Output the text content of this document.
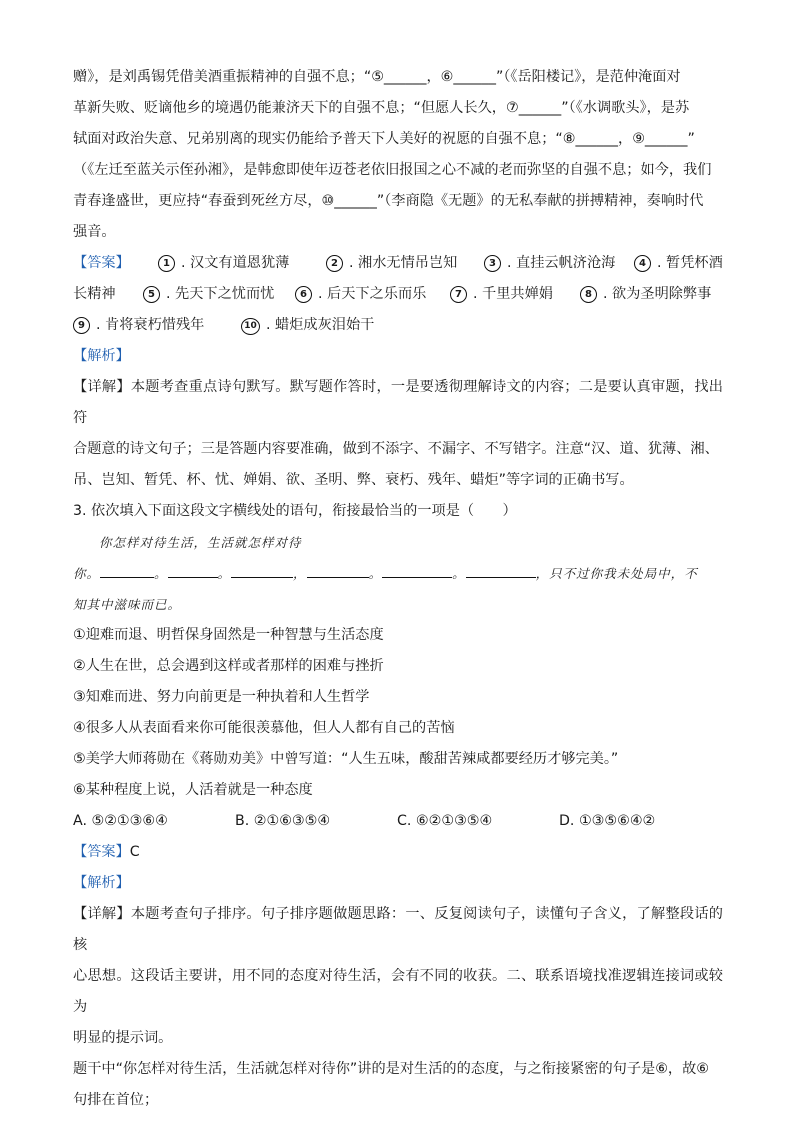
赠》，是刘禹锡凭借美酒重振精神的自强不息；“⑤______，⑥______”（《岳阳楼记》，是范仲淹面对

革新失败、贬谪他乡的境遇仍能兼济天下的自强不息；“但愿人长久，⑦______”（《水调歌头》，是苏

轼面对政治失意、兄弟别离的现实仍能给予普天下人美好的祝愿的自强不息；“⑧______，⑨______”

（《左迁至蓝关示侄孙湘》，是韩愈即使年迈苍老依旧报国之心不减的老而弥坚的自强不息；如今，我们

青春逢盛世，更应持“春蚕到死丝方尽，⑩______”（李商隐《无题》的无私奉献的拼搏精神，奏响时代

强音。

【答案】	1 . 汉文有道恩犹薄	2 . 湘水无情吊岂知	3 . 直挂云帆济沧海	4 . 暂凭杯酒
长精神	5 . 先天下之忧而忧	6 . 后天下之乐而乐	7 . 千里共婵娟	8 . 欲为圣明除弊事
9 . 肯将衰朽惜残年	10 . 蜡炬成灰泪始干

【解析】

【详解】本题考查重点诗句默写。默写题作答时，一是要透彻理解诗文的内容；二是要认真审题，找出符

合题意的诗文句子；三是答题内容要准确，做到不添字、不漏字、不写错字。注意“汉、道、犹薄、湘、

吊、岂知、暂凭、杯、忧、婵娟、欲、圣明、弊、衰朽、残年、蜡炬”等字词的正确书写。

3. 依次填入下面这段文字横线处的语句，衔接最恰当的一项是（　　）

你怎样对待生活，生活就怎样对待

你。	。	。	，	。	。	，只不过你我未处局中，不

知其中滋味而已。

①迎难而退、明哲保身固然是一种智慧与生活态度

②人生在世，总会遇到这样或者那样的困难与挫折

③知难而进、努力向前更是一种执着和人生哲学

④很多人从表面看来你可能很羡慕他，但人人都有自己的苦恼

⑤美学大师蒋勋在《蒋勋劝美》中曾写道：“人生五味，酸甜苦辣咸都要经历才够完美。”

⑥某种程度上说，人活着就是一种态度

A. ⑤②①③⑥④	B. ②①⑥③⑤④	C. ⑥②①③⑤④	D. ①③⑤⑥④②

【答案】C

【解析】

【详解】本题考查句子排序。句子排序题做题思路：一、反复阅读句子，读懂句子含义，了解整段话的核

心思想。这段话主要讲，用不同的态度对待生活，会有不同的收获。二、联系语境找准逻辑连接词或较为

明显的提示词。

题干中“你怎样对待生活，生活就怎样对待你”讲的是对生活的的态度，与之衔接紧密的句子是⑥，故⑥

句排在首位；
